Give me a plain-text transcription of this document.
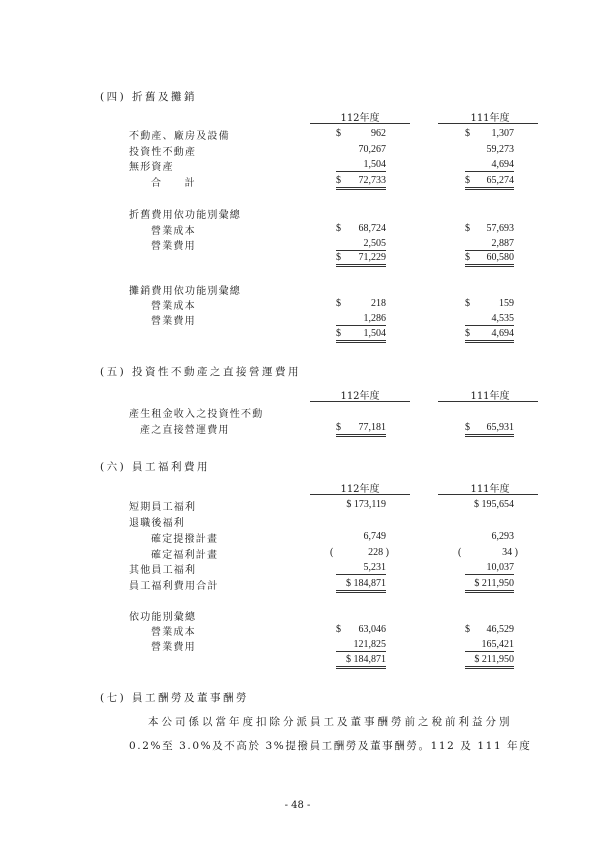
(四) 折舊及攤銷
112年度	111年度
不動產、廠房及設備	$	962	$ 1,307
投資性不動產	70,267	59,273
無形資產	1,504	4,694
合　　計	$ 72,733	$ 65,274
折舊費用依功能別彙總
營業成本	$ 68,724	$ 57,693
營業費用	2,505	2,887
$ 71,229	$ 60,580
攤銷費用依功能別彙總
營業成本	$	218	$	159
營業費用	1,286	4,535
$ 1,504	$ 4,694
(五) 投資性不動產之直接營運費用
112年度	111年度
產生租金收入之投資性不動
產之直接營運費用	$ 77,181	$ 65,931
(六) 員工福利費用
112年度	111年度
短期員工福利	$ 173,119	$ 195,654
退職後福利
確定提撥計畫	6,749	6,293
確定福利計畫	(	228 )	(	34 )
其他員工福利	5,231	10,037
員工福利費用合計	$ 184,871	$ 211,950
依功能別彙總
營業成本	$ 63,046	$ 46,529
營業費用	121,825	165,421
$ 184,871	$ 211,950
(七) 員工酬勞及董事酬勞
本公司係以當年度扣除分派員工及董事酬勞前之稅前利益分別
0.2%至 3.0%及不高於 3%提撥員工酬勞及董事酬勞。112 及 111 年度
- 48 -
